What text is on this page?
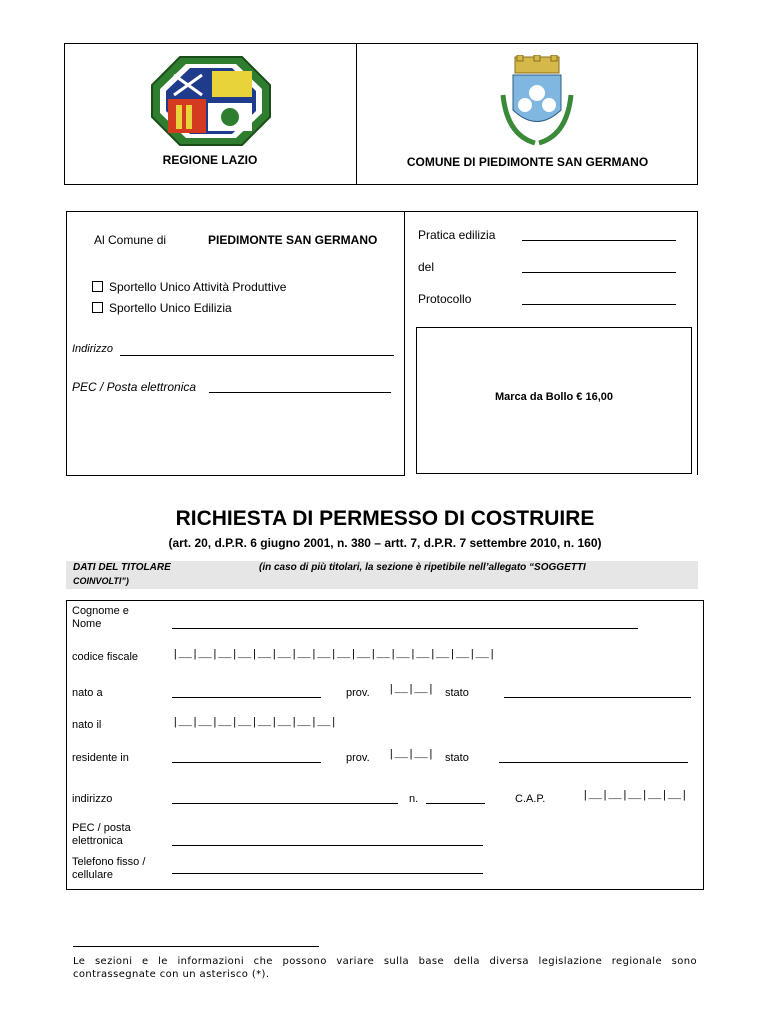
REGIONE LAZIO	COMUNE DI PIEDIMONTE SAN GERMANO
Al Comune di	PIEDIMONTE SAN GERMANO
Sportello Unico Attività Produttive
Sportello Unico Edilizia
Indirizzo
PEC / Posta elettronica
Pratica edilizia
del
Protocollo
Marca da Bollo € 16,00
RICHIESTA DI PERMESSO DI COSTRUIRE
(art. 20, d.P.R. 6 giugno 2001, n. 380 – artt. 7, d.P.R. 7 settembre 2010, n. 160)
DATI DEL TITOLARE	(in caso di più titolari, la sezione è ripetibile nell’allegato “SOGGETTI
COINVOLTI”)
Cognome e Nome
codice fiscale	|__|__|__|__|__|__|__|__|__|__|__|__|__|__|__|__|
nato a	prov. |__|__| stato
nato il	|__|__|__|__|__|__|__|__|
residente in	prov. |__|__| stato
indirizzo	n.	C.A.P.	|__|__|__|__|__|
PEC / posta elettronica
Telefono fisso / cellulare
Le sezioni e le informazioni che possono variare sulla base della diversa legislazione regionale sono contrassegnate con un asterisco (*).
